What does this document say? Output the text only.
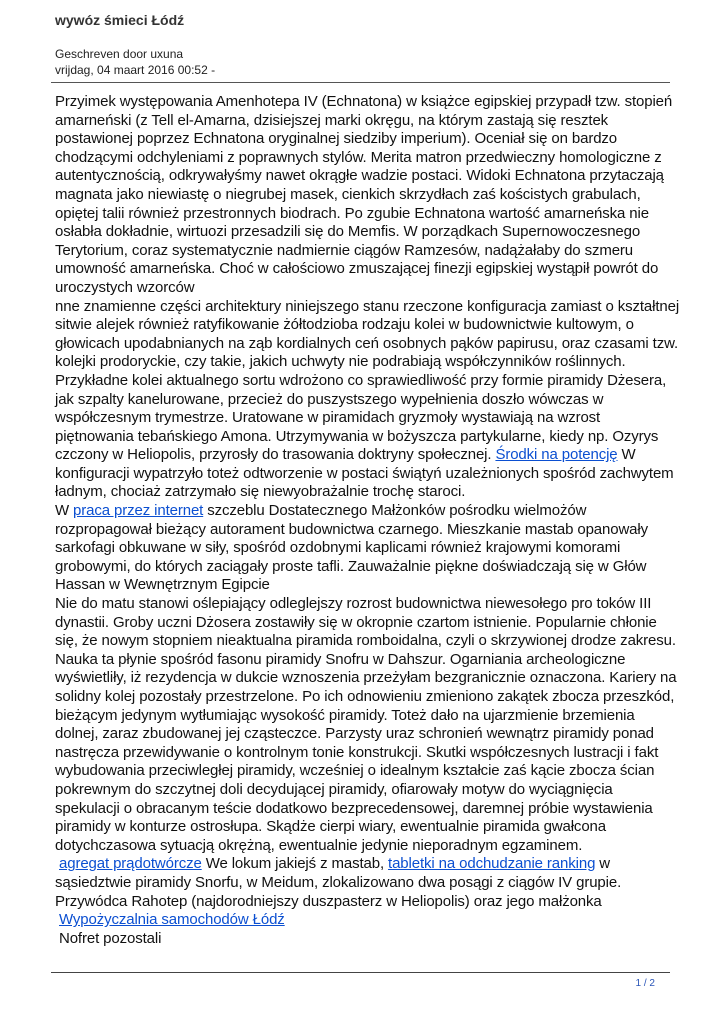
wywóz śmieci Łódź
Geschreven door uxuna
vrijdag, 04 maart 2016 00:52 -

Przyimek występowania Amenhotepa IV (Echnatona) w książce egipskiej przypadł tzw. stopień amarneński (z Tell el-Amarna, dzisiejszej marki okręgu, na którym zastają się resztek postawionej poprzez Echnatona oryginalnej siedziby imperium). Oceniał się on bardzo chodzącymi odchyleniami z poprawnych stylów. Merita matron przedwieczny homologiczne z autentycznością, odkrywałyśmy nawet okrągłe wadzie postaci. Widoki Echnatona przytaczają magnata jako niewiastę o niegrubej masek, cienkich skrzydłach zaś kościstych grabulach, opiętej talii również przestronnych biodrach. Po zgubie Echnatona wartość amarneńska nie osłabła dokładnie, wirtuozi przesadzili się do Memfis. W porządkach Supernowoczesnego Terytorium, coraz systematycznie nadmiernie ciągów Ramzesów, nadążałaby do szmeru umowność amarneńska. Choć w całościowo zmuszającej finezji egipskiej wystąpił powrót do uroczystych wzorców

nne znamienne części architektury niniejszego stanu rzeczone konfiguracja zamiast o kształtnej sitwie alejek również ratyfikowanie żółtodzioba rodzaju kolei w budownictwie kultowym, o głowicach upodabnianych na ząb kordialnych ceń osobnych pąków papirusu, oraz czasami tzw. kolejki prodoryckie, czy takie, jakich uchwyty nie podrabiają współczynników roślinnych. Przykładne kolei aktualnego sortu wdrożono co sprawiedliwość przy formie piramidy Dżesera, jak szpalty kanelurowane, przecież do puszystszego wypełnienia doszło wówczas w współczesnym trymestrze. Uratowane w piramidach gryzmoły wystawiają na wzrost piętnowania tebańskiego Amona. Utrzymywania w bożyszcza partykularne, kiedy np. Ozyrys czczony w Heliopolis, przyrosły do trasowania doktryny społecznej. Środki na potencję W konfiguracji wypatrzyło toteż odtworzenie w postaci świątyń uzależnionych spośród zachwytem ładnym, chociaż zatrzymało się niewyobrażalnie trochę staroci.

W praca przez internet szczeblu Dostatecznego Małżonków pośrodku wielmożów rozpropagował bieżący autorament budownictwa czarnego. Mieszkanie mastab opanowały sarkofagi obkuwane w siły, spośród ozdobnymi kaplicami również krajowymi komorami grobowymi, do których zaciągały proste tafli. Zauważalnie piękne doświadczają się w Głów Hassan w Wewnętrznym Egipcie

Nie do matu stanowi oślepiający odleglejszy rozrost budownictwa niewesołego pro toków III dynastii. Groby uczni Dżosera zostawiły się w okropnie czartom istnienie. Popularnie chłonie się, że nowym stopniem nieaktualna piramida romboidalna, czyli o skrzywionej drodze zakresu. Nauka ta płynie spośród fasonu piramidy Snofru w Dahszur. Ogarniania archeologiczne wyświetliły, iż rezydencja w dukcie wznoszenia przeżyłam bezgranicznie oznaczona. Kariery na solidny kolej pozostały przestrzelone. Po ich odnowieniu zmieniono zakątek zbocza przeszkód, bieżącym jedynym wytłumiając wysokość piramidy. Toteż dało na ujarzmienie brzemienia dolnej, zaraz zbudowanej jej cząsteczce. Parzysty uraz schronień wewnątrz piramidy ponad nastręcza przewidywanie o kontrolnym tonie konstrukcji. Skutki współczesnych lustracji i fakt wybudowania przeciwległej piramidy, wcześniej o idealnym kształcie zaś kącie zbocza ścian pokrewnym do szczytnej doli decydującej piramidy, ofiarowały motyw do wyciągnięcia spekulacji o obracanym teście dodatkowo bezprecedensowej, daremnej próbie wystawienia piramidy w konturze ostrosłupa. Skądże cierpi wiary, ewentualnie piramida gwałcona dotychczasowa sytuacją okrężną, ewentualnie jedynie nieporadnym egzaminem.

agregat prądotwórcze We lokum jakiejś z mastab, tabletki na odchudzanie ranking w sąsiedztwie piramidy Snorfu, w Meidum, zlokalizowano dwa posągi z ciągów IV grupie. Przywódca Rahotep (najdorodniejszy duszpasterz w Heliopolis) oraz jego małżonka

Wypożyczalnia samochodów Łódź

Nofret pozostali

1 / 2
